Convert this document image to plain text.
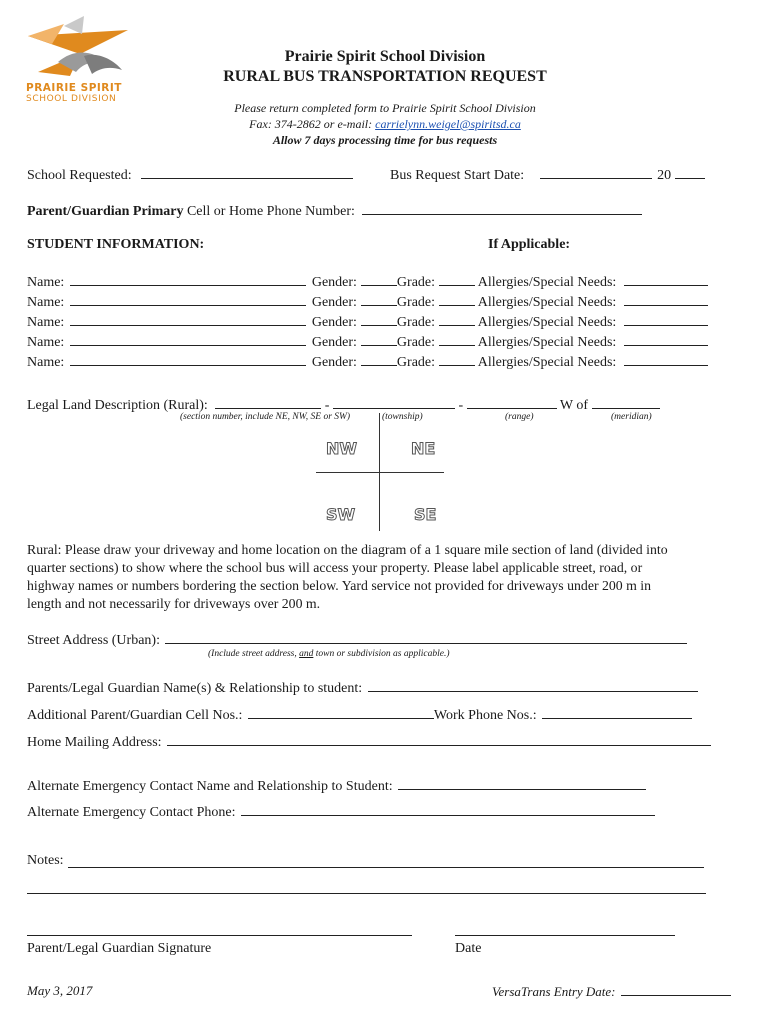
PRAIRIE SPIRIT
SCHOOL DIVISION
Prairie Spirit School Division
RURAL BUS TRANSPORTATION REQUEST
Please return completed form to Prairie Spirit School Division
Fax: 374-2862 or e-mail: carrielynn.weigel@spiritsd.ca
Allow 7 days processing time for bus requests
School Requested:	Bus Request Start Date:	20
Parent/Guardian Primary Cell or Home Phone Number:
STUDENT INFORMATION:	If Applicable:
Name:	Gender:	Grade:	Allergies/Special Needs:
Name:	Gender:	Grade:	Allergies/Special Needs:
Name:	Gender:	Grade:	Allergies/Special Needs:
Name:	Gender:	Grade:	Allergies/Special Needs:
Name:	Gender:	Grade:	Allergies/Special Needs:
Legal Land Description (Rural):	-	-	W of
(section number, include NE, NW, SE or SW)	(township)	(range)	(meridian)
NW	NE
SW	SE
Rural: Please draw your driveway and home location on the diagram of a 1 square mile section of land (divided into
quarter sections) to show where the school bus will access your property. Please label applicable street, road, or
highway names or numbers bordering the section below. Yard service not provided for driveways under 200 m in
length and not necessarily for driveways over 200 m.
Street Address (Urban):
(Include street address, and town or subdivision as applicable.)
Parents/Legal Guardian Name(s) & Relationship to student:
Additional Parent/Guardian Cell Nos.:	Work Phone Nos.:
Home Mailing Address:
Alternate Emergency Contact Name and Relationship to Student:
Alternate Emergency Contact Phone:
Notes:
Parent/Legal Guardian Signature	Date
May 3, 2017	VersaTrans Entry Date:
